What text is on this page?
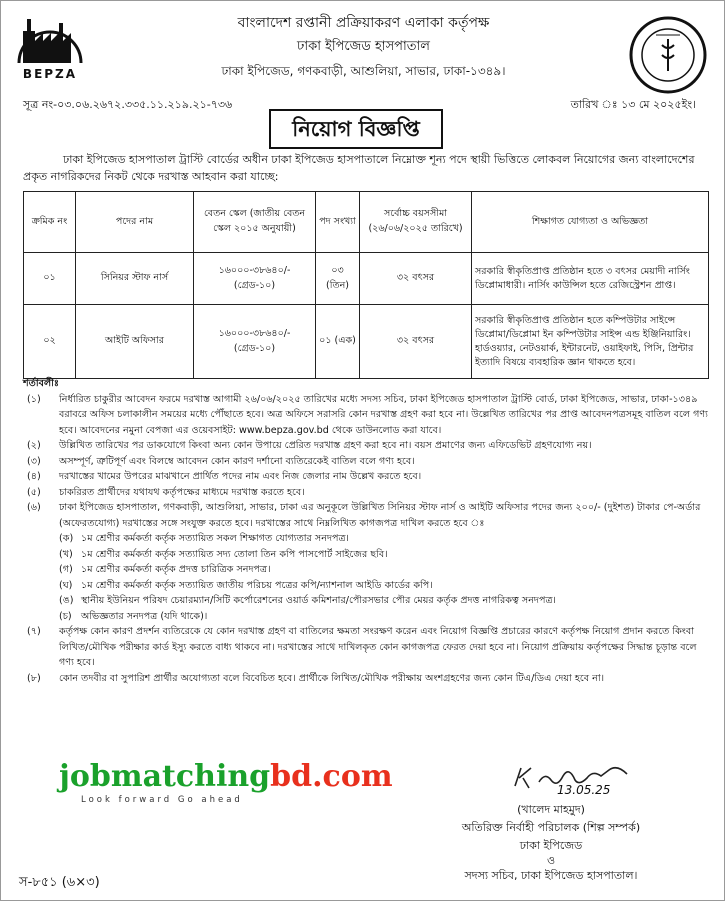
BEPZA
বাংলাদেশ রপ্তানী প্রক্রিয়াকরণ এলাকা কর্তৃপক্ষ
ঢাকা ইপিজেড হাসপাতাল
ঢাকা ইপিজেড, গণকবাড়ী, আশুলিয়া, সাভার, ঢাকা-১৩৪৯।
সূত্র নং-০৩.০৬.২৬৭২.৩৩৫.১১.২১৯.২১-৭৩৬	তারিখ ঃ ১৩ মে ২০২৫ইং।
নিয়োগ বিজ্ঞপ্তি
ঢাকা ইপিজেড হাসপাতাল ট্রাস্টি বোর্ডের অধীন ঢাকা ইপিজেড হাসপাতালে নিম্নোক্ত শূন্য পদে স্থায়ী ভিত্তিতে লোকবল নিয়োগের জন্য বাংলাদেশের প্রকৃত নাগরিকদের নিকট থেকে দরখাস্ত আহবান করা যাচ্ছে:
ক্রমিক নং	পদের নাম	বেতন স্কেল (জাতীয় বেতন স্কেল ২০১৫ অনুযায়ী)	পদ সংখ্যা	সর্বোচ্চ বয়সসীমা (২৬/০৬/২০২৫ তারিখে)	শিক্ষাগত যোগ্যতা ও অভিজ্ঞতা
০১	সিনিয়র স্টাফ নার্স	১৬০০০-৩৮৬৪০/- (গ্রেড-১০)	০৩ (তিন)	৩২ বৎসর	সরকারি স্বীকৃতিপ্রাপ্ত প্রতিষ্ঠান হতে ৩ বৎসর মেয়াদী নার্সিং ডিপ্লোমাধারী। নার্সিং কাউন্সিল হতে রেজিস্ট্রেশন প্রাপ্ত।
০২	আইটি অফিসার	১৬০০০-৩৮৬৪০/- (গ্রেড-১০)	০১ (এক)	৩২ বৎসর	সরকারি স্বীকৃতিপ্রাপ্ত প্রতিষ্ঠান হতে কম্পিউটার সাইন্সে ডিপ্লোমা/ডিপ্লোমা ইন কম্পিউটার সাইন্স এন্ড ইঞ্জিনিয়ারিং। হার্ডওয়্যার, নেটওয়ার্ক, ইন্টারনেট, ওয়াইফাই, পিসি, প্রিন্টার ইত্যাদি বিষয়ে ব্যবহারিক জ্ঞান থাকতে হবে।
শর্তাবলীঃ
(১) নির্ধারিত চাকুরীর আবেদন ফরমে দরখাস্ত আগামী ২৬/০৬/২০২৫ তারিখের মধ্যে সদস্য সচিব, ঢাকা ইপিজেড হাসপাতাল ট্রাস্টি বোর্ড, ঢাকা ইপিজেড, সাভার, ঢাকা-১৩৪৯ বরাবরে অফিস চলাকালীন সময়ের মধ্যে পৌঁছাতে হবে। অত্র অফিসে সরাসরি কোন দরখাস্ত গ্রহণ করা হবে না। উল্লেখিত তারিখের পর প্রাপ্ত আবেদনপত্রসমূহ বাতিল বলে গণ্য হবে। আবেদনের নমুনা বেপজা এর ওয়েবসাইট: www.bepza.gov.bd থেকে ডাউনলোড করা যাবে।
(২) উল্লিখিত তারিখের পর ডাকযোগে কিংবা অন্য কোন উপায়ে প্রেরিত দরখাস্ত গ্রহণ করা হবে না। বয়স প্রমাণের জন্য এফিডেভিট গ্রহণযোগ্য নয়।
(৩) অসম্পূর্ণ, ত্রুটিপূর্ণ এবং বিলম্বে আবেদন কোন কারণ দর্শানো ব্যতিরেকেই বাতিল বলে গণ্য হবে।
(৪) দরখাস্তের খামের উপরের মাঝখানে প্রার্থিত পদের নাম এবং নিজ জেলার নাম উল্লেখ করতে হবে।
(৫) চাকরিরত প্রার্থীদের যথাযথ কর্তৃপক্ষের মাধ্যমে দরখাস্ত করতে হবে।
(৬) ঢাকা ইপিজেড হাসপাতাল, গণকবাড়ী, আশুলিয়া, সাভার, ঢাকা এর অনুকূলে উল্লিখিত সিনিয়র স্টাফ নার্স ও আইটি অফিসার পদের জন্য ২০০/- (দুইশত) টাকার পে-অর্ডার (অফেরতযোগ্য) দরখাস্তের সঙ্গে সংযুক্ত করতে হবে। দরখাস্তের সাথে নিম্নলিখিত কাগজপত্র দাখিল করতে হবে ঃ
(ক) ১ম শ্রেণীর কর্মকর্তা কর্তৃক সত্যায়িত সকল শিক্ষাগত যোগ্যতার সনদপত্র।
(খ) ১ম শ্রেণীর কর্মকর্তা কর্তৃক সত্যায়িত সদ্য তোলা তিন কপি পাসপোর্ট সাইজের ছবি।
(গ) ১ম শ্রেণীর কর্মকর্তা কর্তৃক প্রদত্ত চারিত্রিক সনদপত্র।
(ঘ) ১ম শ্রেণীর কর্মকর্তা কর্তৃক সত্যায়িত জাতীয় পরিচয় পত্রের কপি/ন্যাশনাল আইডি কার্ডের কপি।
(ঙ) স্থানীয় ইউনিয়ন পরিষদ চেয়ারম্যান/সিটি কর্পোরেশনের ওয়ার্ড কমিশনার/পৌরসভার পৌর মেয়র কর্তৃক প্রদত্ত নাগরিকত্ব সনদপত্র।
(চ) অভিজ্ঞতার সনদপত্র (যদি থাকে)।
(৭) কর্তৃপক্ষ কোন কারণ প্রদর্শন ব্যতিরেকে যে কোন দরখাস্ত গ্রহণ বা বাতিলের ক্ষমতা সংরক্ষণ করেন এবং নিয়োগ বিজ্ঞপ্তি প্রচারের কারণে কর্তৃপক্ষ নিয়োগ প্রদান করতে কিংবা লিখিত/মৌখিক পরীক্ষার কার্ড ইস্যু করতে বাধ্য থাকবে না। দরখাস্তের সাথে দাখিলকৃত কোন কাগজপত্র ফেরত দেয়া হবে না। নিয়োগ প্রক্রিয়ায় কর্তৃপক্ষের সিদ্ধান্ত চূড়ান্ত বলে গণ্য হবে।
(৮) কোন তদবীর বা সুপারিশ প্রার্থীর অযোগ্যতা বলে বিবেচিত হবে। প্রার্থীকে লিখিত/মৌখিক পরীক্ষায় অংশগ্রহণের জন্য কোন টিএ/ডিএ দেয়া হবে না।
jobmatchingbd.com
Look forward Go ahead
13.05.25
(খালেদ মাহমুদ)
অতিরিক্ত নির্বাহী পরিচালক (শিল্প সম্পর্ক)
ঢাকা ইপিজেড
ও
সদস্য সচিব, ঢাকা ইপিজেড হাসপাতাল।
স-৮৫১ (৬×৩)
